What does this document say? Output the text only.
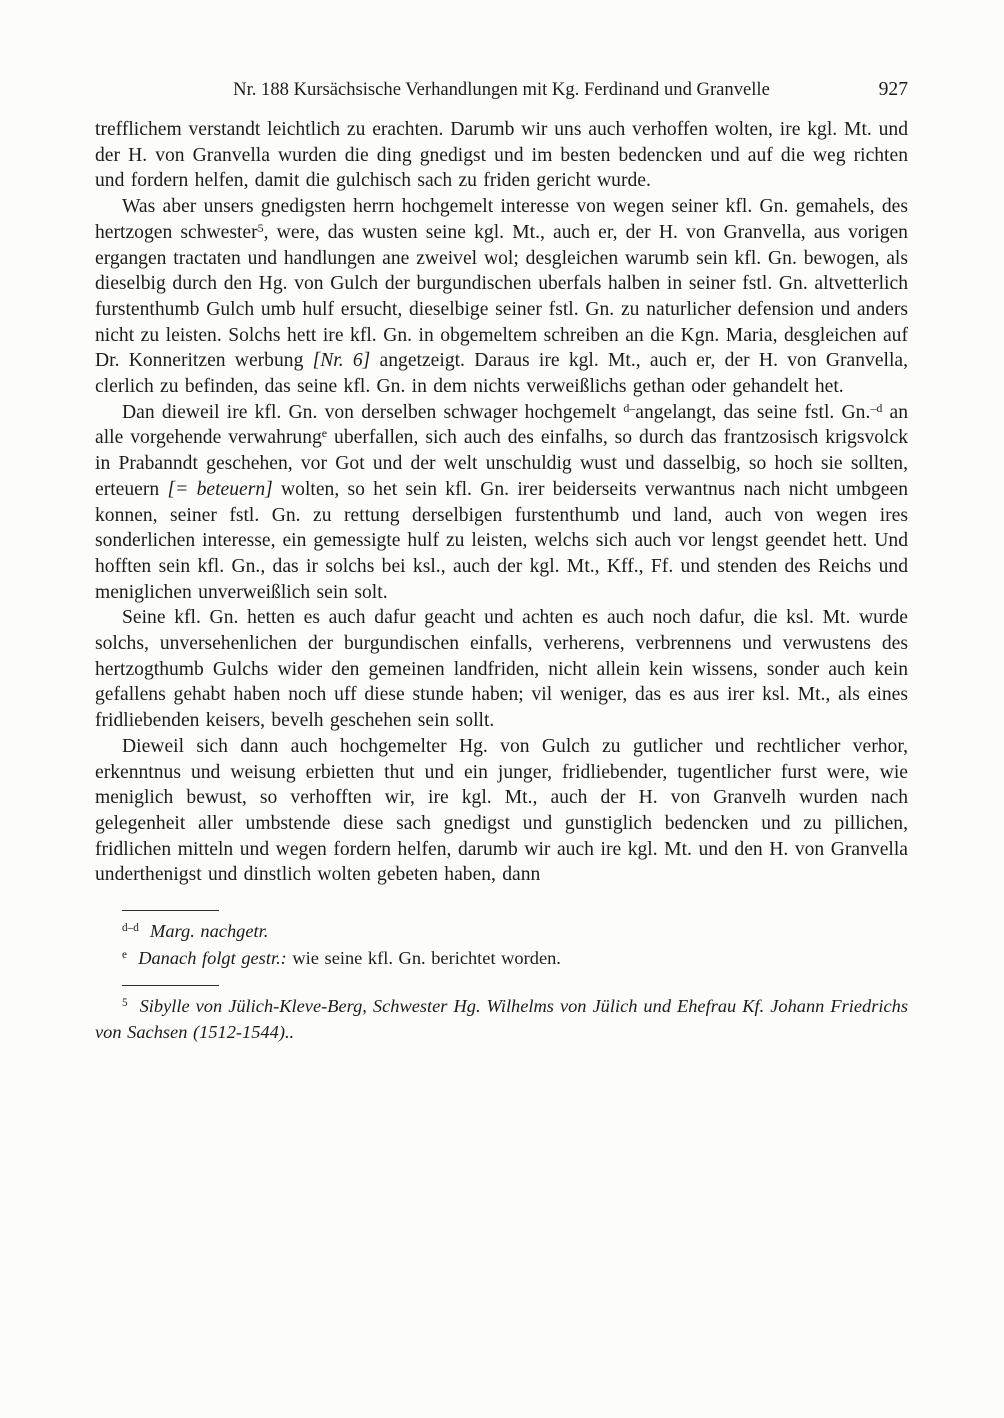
Nr. 188 Kursächsische Verhandlungen mit Kg. Ferdinand und Granvelle	927

trefflichem verstandt leichtlich zu erachten. Darumb wir uns auch verhoffen wolten, ire kgl. Mt. und der H. von Granvella wurden die ding gnedigst und im besten bedencken und auf die weg richten und fordern helfen, damit die gulchisch sach zu friden gericht wurde.

Was aber unsers gnedigsten herrn hochgemelt interesse von wegen seiner kfl. Gn. gemahels, des hertzogen schwester$^5$, were, das wusten seine kgl. Mt., auch er, der H. von Granvella, aus vorigen ergangen tractaten und handlungen ane zweivel wol; desgleichen warumb sein kfl. Gn. bewogen, als dieselbig durch den Hg. von Gulch der burgundischen uberfals halben in seiner fstl. Gn. altvetterlich furstenthumb Gulch umb hulf ersucht, dieselbige seiner fstl. Gn. zu naturlicher defension und anders nicht zu leisten. Solchs hett ire kfl. Gn. in obgemeltem schreiben an die Kgn. Maria, desgleichen auf Dr. Konneritzen werbung [Nr. 6] angetzeigt. Daraus ire kgl. Mt., auch er, der H. von Granvella, clerlich zu befinden, das seine kfl. Gn. in dem nichts verweißlichs gethan oder gehandelt het.

Dan dieweil ire kfl. Gn. von derselben schwager hochgemelt $^{d-}$angelangt, das seine fstl. Gn.$^{-d}$ an alle vorgehende verwahrung$^e$ uberfallen, sich auch des einfalhs, so durch das frantzosisch krigsvolck in Prabanndt geschehen, vor Got und der welt unschuldig wust und dasselbig, so hoch sie sollten, erteuern [= beteuern] wolten, so het sein kfl. Gn. irer beiderseits verwantnus nach nicht umbgeen konnen, seiner fstl. Gn. zu rettung derselbigen furstenthumb und land, auch von wegen ires sonderlichen interesse, ein gemessigte hulf zu leisten, welchs sich auch vor lengst geendet hett. Und hofften sein kfl. Gn., das ir solchs bei ksl., auch der kgl. Mt., Kff., Ff. und stenden des Reichs und meniglichen unverweißlich sein solt.

Seine kfl. Gn. hetten es auch dafur geacht und achten es auch noch dafur, die ksl. Mt. wurde solchs, unversehenlichen der burgundischen einfalls, verherens, verbrennens und verwustens des hertzogthumb Gulchs wider den gemeinen landfriden, nicht allein kein wissens, sonder auch kein gefallens gehabt haben noch uff diese stunde haben; vil weniger, das es aus irer ksl. Mt., als eines fridliebenden keisers, bevelh geschehen sein sollt.

Dieweil sich dann auch hochgemelter Hg. von Gulch zu gutlicher und rechtlicher verhor, erkenntnus und weisung erbietten thut und ein junger, fridliebender, tugentlicher furst were, wie meniglich bewust, so verhofften wir, ire kgl. Mt., auch der H. von Granvelh wurden nach gelegenheit aller umbstende diese sach gnedigst und gunstiglich bedencken und zu pillichen, fridlichen mitteln und wegen fordern helfen, darumb wir auch ire kgl. Mt. und den H. von Granvella underthenigst und dinstlich wolten gebeten haben, dann

$^{d-d}$ Marg. nachgetr.

$^e$ Danach folgt gestr.: wie seine kfl. Gn. berichtet worden.

$^5$ Sibylle von Jülich-Kleve-Berg, Schwester Hg. Wilhelms von Jülich und Ehefrau Kf. Johann Friedrichs von Sachsen (1512-1544)..
